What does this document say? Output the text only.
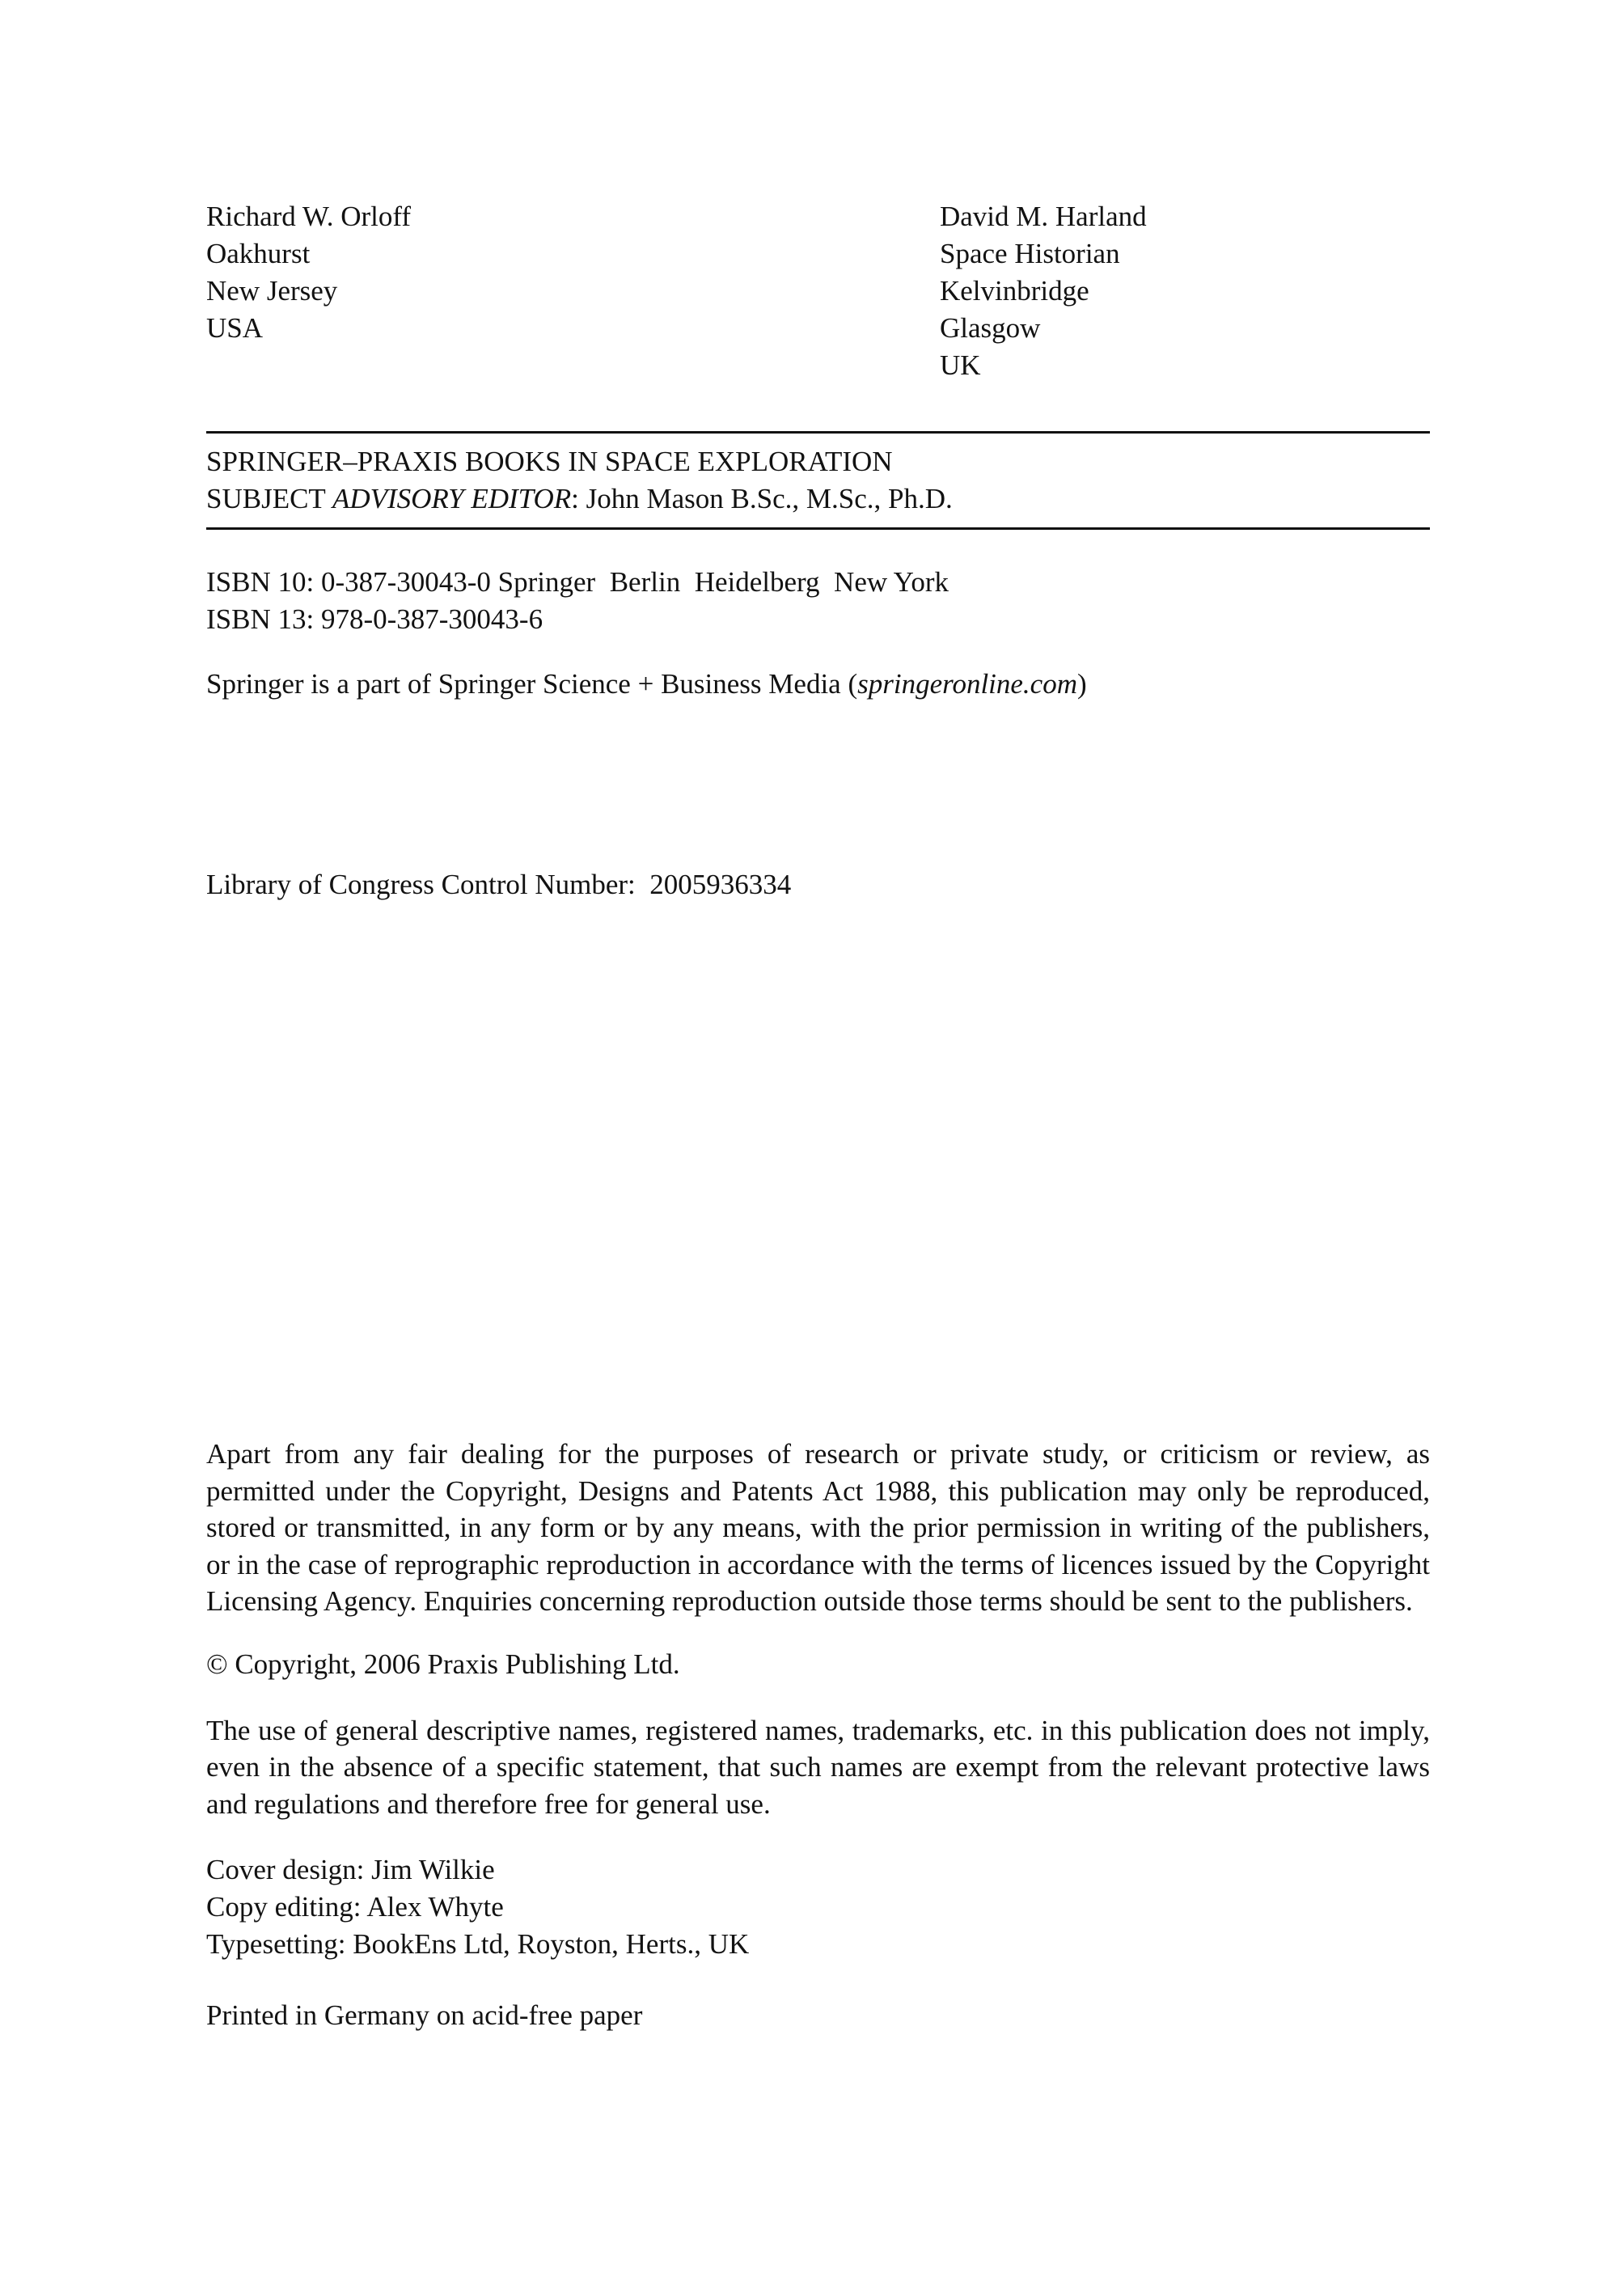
Richard W. Orloff
Oakhurst
New Jersey
USA
David M. Harland
Space Historian
Kelvinbridge
Glasgow
UK
SPRINGER–PRAXIS BOOKS IN SPACE EXPLORATION
SUBJECT ADVISORY EDITOR: John Mason B.Sc., M.Sc., Ph.D.
ISBN 10: 0-387-30043-0 Springer  Berlin  Heidelberg  New York
ISBN 13: 978-0-387-30043-6
Springer is a part of Springer Science + Business Media (springeronline.com)
Library of Congress Control Number:  2005936334
Apart from any fair dealing for the purposes of research or private study, or criticism or review, as permitted under the Copyright, Designs and Patents Act 1988, this publication may only be reproduced, stored or transmitted, in any form or by any means, with the prior permission in writing of the publishers, or in the case of reprographic reproduction in accordance with the terms of licences issued by the Copyright Licensing Agency. Enquiries concerning reproduction outside those terms should be sent to the publishers.
© Copyright, 2006 Praxis Publishing Ltd.
The use of general descriptive names, registered names, trademarks, etc. in this publication does not imply, even in the absence of a specific statement, that such names are exempt from the relevant protective laws and regulations and therefore free for general use.
Cover design: Jim Wilkie
Copy editing: Alex Whyte
Typesetting: BookEns Ltd, Royston, Herts., UK
Printed in Germany on acid-free paper
